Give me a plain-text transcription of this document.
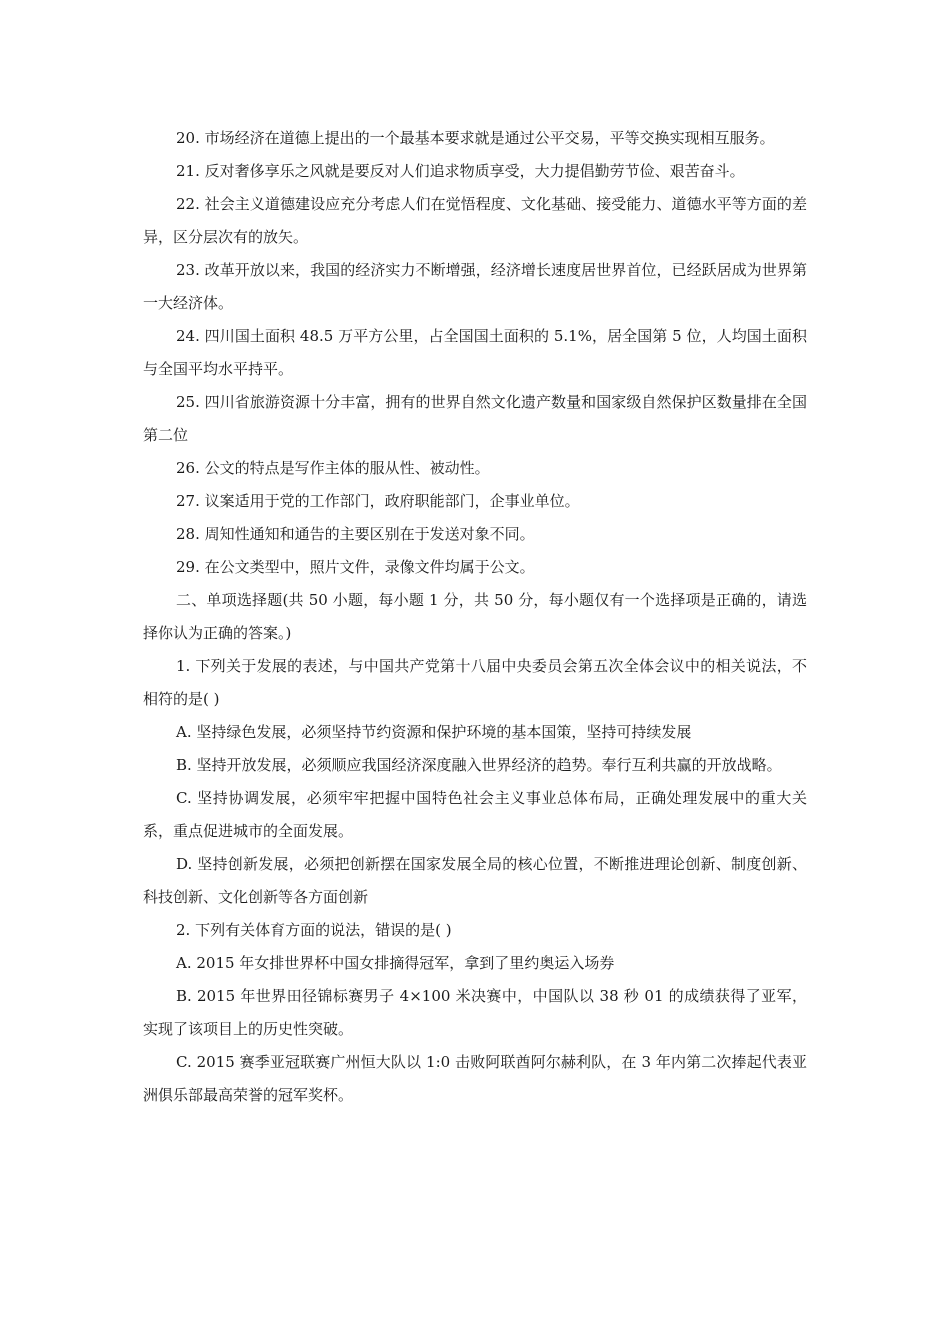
20. 市场经济在道德上提出的一个最基本要求就是通过公平交易，平等交换实现相互服务。

21. 反对奢侈享乐之风就是要反对人们追求物质享受，大力提倡勤劳节俭、艰苦奋斗。

22. 社会主义道德建设应充分考虑人们在觉悟程度、文化基础、接受能力、道德水平等方面的差异，区分层次有的放矢。

23. 改革开放以来，我国的经济实力不断增强，经济增长速度居世界首位，已经跃居成为世界第一大经济体。

24. 四川国土面积 48.5 万平方公里，占全国国土面积的 5.1%，居全国第 5 位，人均国土面积与全国平均水平持平。

25. 四川省旅游资源十分丰富，拥有的世界自然文化遗产数量和国家级自然保护区数量排在全国第二位

26. 公文的特点是写作主体的服从性、被动性。

27. 议案适用于党的工作部门，政府职能部门，企事业单位。

28. 周知性通知和通告的主要区别在于发送对象不同。

29. 在公文类型中，照片文件，录像文件均属于公文。

二、单项选择题(共 50 小题，每小题 1 分，共 50 分，每小题仅有一个选择项是正确的，请选择你认为正确的答案。)

1. 下列关于发展的表述，与中国共产党第十八届中央委员会第五次全体会议中的相关说法，不相符的是( )

A. 坚持绿色发展，必须坚持节约资源和保护环境的基本国策，坚持可持续发展

B. 坚持开放发展，必须顺应我国经济深度融入世界经济的趋势。奉行互利共赢的开放战略。

C. 坚持协调发展，必须牢牢把握中国特色社会主义事业总体布局，正确处理发展中的重大关系，重点促进城市的全面发展。

D. 坚持创新发展，必须把创新摆在国家发展全局的核心位置，不断推进理论创新、制度创新、科技创新、文化创新等各方面创新

2. 下列有关体育方面的说法，错误的是( )

A. 2015 年女排世界杯中国女排摘得冠军，拿到了里约奥运入场券

B. 2015 年世界田径锦标赛男子 4×100 米决赛中，中国队以 38 秒 01 的成绩获得了亚军，实现了该项目上的历史性突破。

C. 2015 赛季亚冠联赛广州恒大队以 1:0 击败阿联酋阿尔赫利队，在 3 年内第二次捧起代表亚洲俱乐部最高荣誉的冠军奖杯。
